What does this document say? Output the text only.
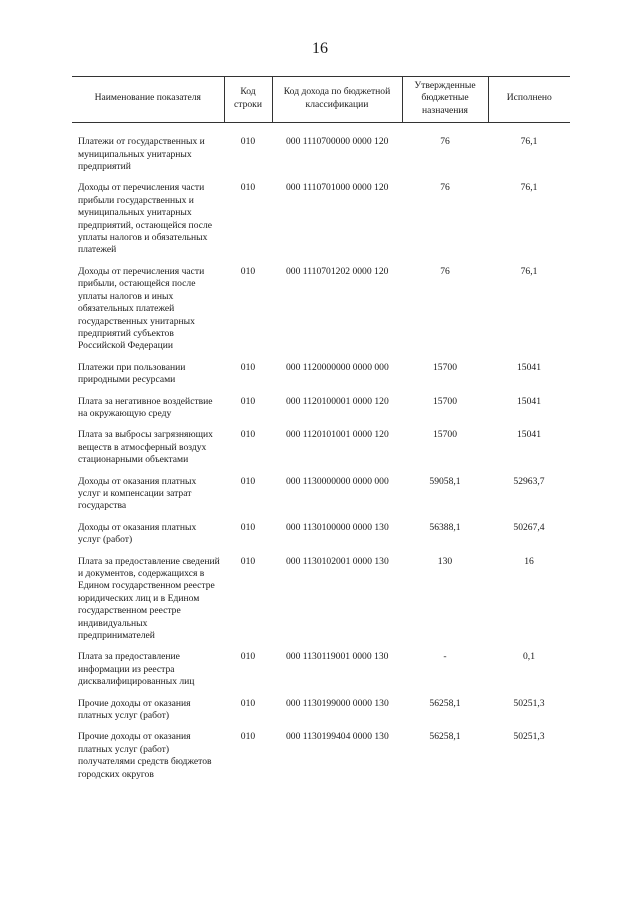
16
Наименование показателя	Код строки	Код дохода по бюджетной классификации	Утвержденные бюджетные назначения	Исполнено

Платежи от государственных и муниципальных унитарных предприятий	010	000 1110700000 0000 120	76	76,1
Доходы от перечисления части прибыли государственных и муниципальных унитарных предприятий, остающейся после уплаты налогов и обязательных платежей	010	000 1110701000 0000 120	76	76,1
Доходы от перечисления части прибыли, остающейся после уплаты налогов и иных обязательных платежей государственных унитарных предприятий субъектов Российской Федерации	010	000 1110701202 0000 120	76	76,1
Платежи при пользовании природными ресурсами	010	000 1120000000 0000 000	15700	15041
Плата за негативное воздействие на окружающую среду	010	000 1120100001 0000 120	15700	15041
Плата за выбросы загрязняющих веществ в атмосферный воздух стационарными объектами	010	000 1120101001 0000 120	15700	15041
Доходы от оказания платных услуг и компенсации затрат государства	010	000 1130000000 0000 000	59058,1	52963,7
Доходы от оказания платных услуг (работ)	010	000 1130100000 0000 130	56388,1	50267,4
Плата за предоставление сведений и документов, содержащихся в Едином государственном реестре юридических лиц и в Едином государственном реестре индивидуальных предпринимателей	010	000 1130102001 0000 130	130	16
Плата за предоставление информации из реестра дисквалифицированных лиц	010	000 1130119001 0000 130	-	0,1
Прочие доходы от оказания платных услуг (работ)	010	000 1130199000 0000 130	56258,1	50251,3
Прочие доходы от оказания платных услуг (работ) получателями средств бюджетов городских округов	010	000 1130199404 0000 130	56258,1	50251,3
